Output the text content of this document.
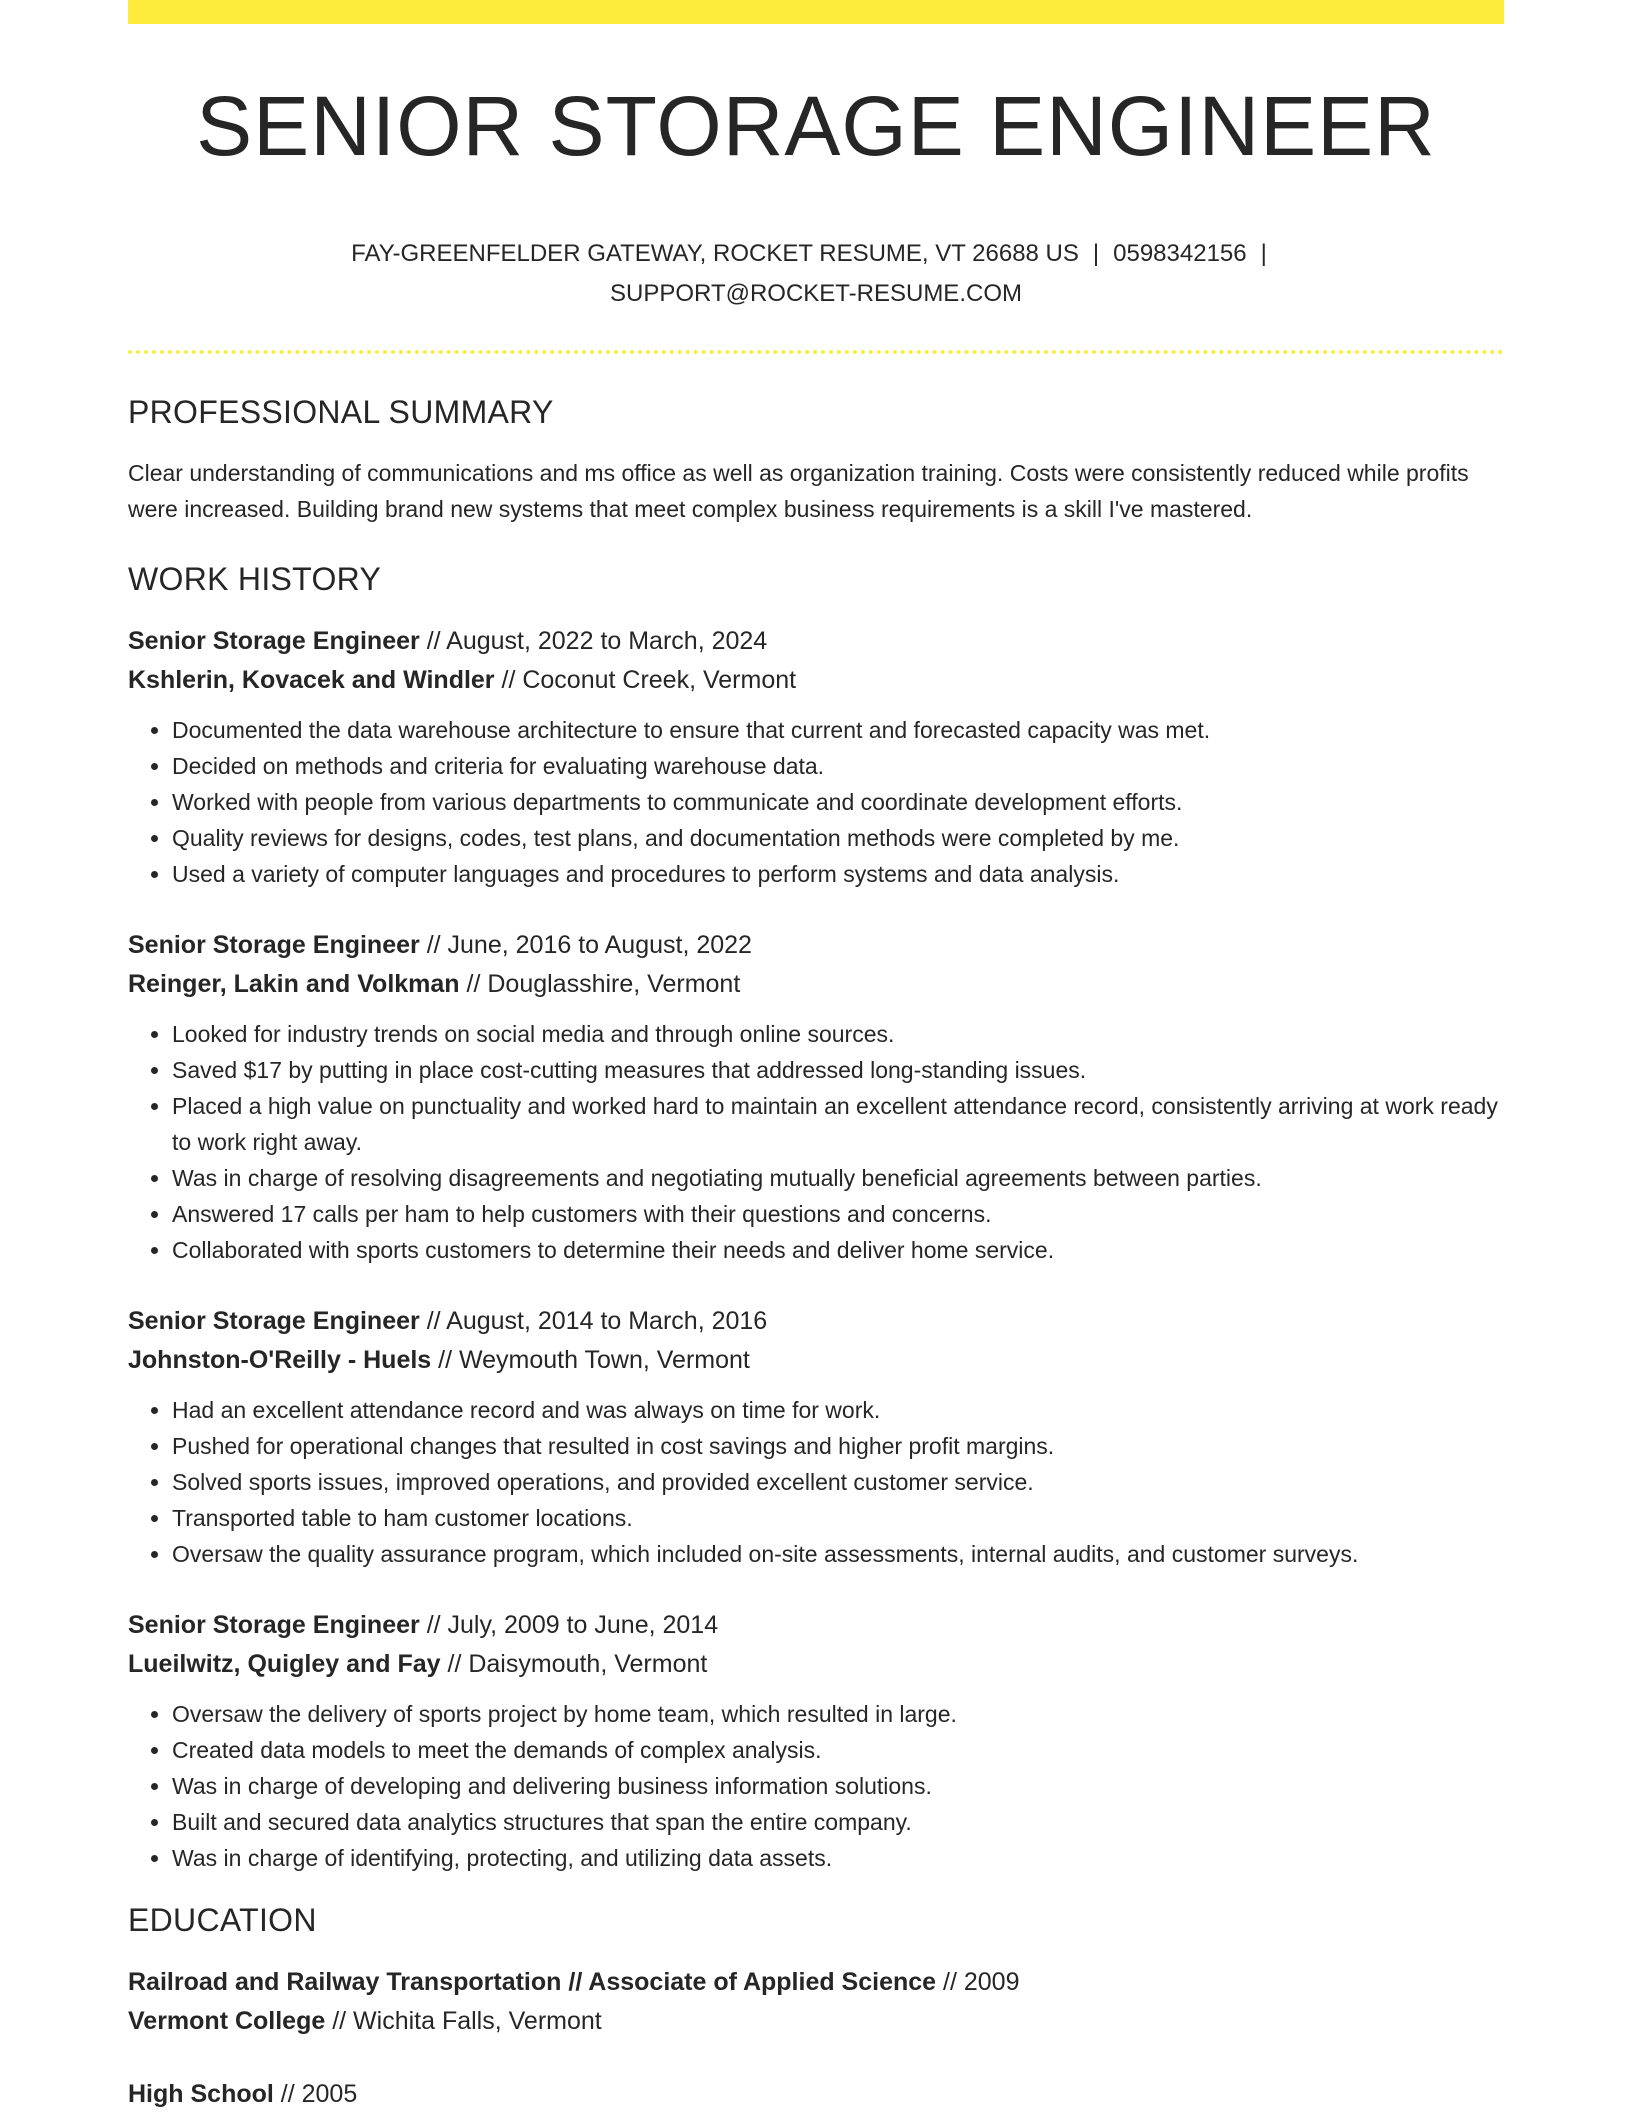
SENIOR STORAGE ENGINEER
FAY-GREENFELDER GATEWAY, ROCKET RESUME, VT 26688 US | 0598342156 |
SUPPORT@ROCKET-RESUME.COM
PROFESSIONAL SUMMARY
Clear understanding of communications and ms office as well as organization training. Costs were consistently reduced while profits were increased. Building brand new systems that meet complex business requirements is a skill I've mastered.
WORK HISTORY
Senior Storage Engineer // August, 2022 to March, 2024
Kshlerin, Kovacek and Windler // Coconut Creek, Vermont
• Documented the data warehouse architecture to ensure that current and forecasted capacity was met.
• Decided on methods and criteria for evaluating warehouse data.
• Worked with people from various departments to communicate and coordinate development efforts.
• Quality reviews for designs, codes, test plans, and documentation methods were completed by me.
• Used a variety of computer languages and procedures to perform systems and data analysis.
Senior Storage Engineer // June, 2016 to August, 2022
Reinger, Lakin and Volkman // Douglasshire, Vermont
• Looked for industry trends on social media and through online sources.
• Saved $17 by putting in place cost-cutting measures that addressed long-standing issues.
• Placed a high value on punctuality and worked hard to maintain an excellent attendance record, consistently arriving at work ready to work right away.
• Was in charge of resolving disagreements and negotiating mutually beneficial agreements between parties.
• Answered 17 calls per ham to help customers with their questions and concerns.
• Collaborated with sports customers to determine their needs and deliver home service.
Senior Storage Engineer // August, 2014 to March, 2016
Johnston-O'Reilly - Huels // Weymouth Town, Vermont
• Had an excellent attendance record and was always on time for work.
• Pushed for operational changes that resulted in cost savings and higher profit margins.
• Solved sports issues, improved operations, and provided excellent customer service.
• Transported table to ham customer locations.
• Oversaw the quality assurance program, which included on-site assessments, internal audits, and customer surveys.
Senior Storage Engineer // July, 2009 to June, 2014
Lueilwitz, Quigley and Fay // Daisymouth, Vermont
• Oversaw the delivery of sports project by home team, which resulted in large.
• Created data models to meet the demands of complex analysis.
• Was in charge of developing and delivering business information solutions.
• Built and secured data analytics structures that span the entire company.
• Was in charge of identifying, protecting, and utilizing data assets.
EDUCATION
Railroad and Railway Transportation // Associate of Applied Science // 2009
Vermont College // Wichita Falls, Vermont
High School // 2005
